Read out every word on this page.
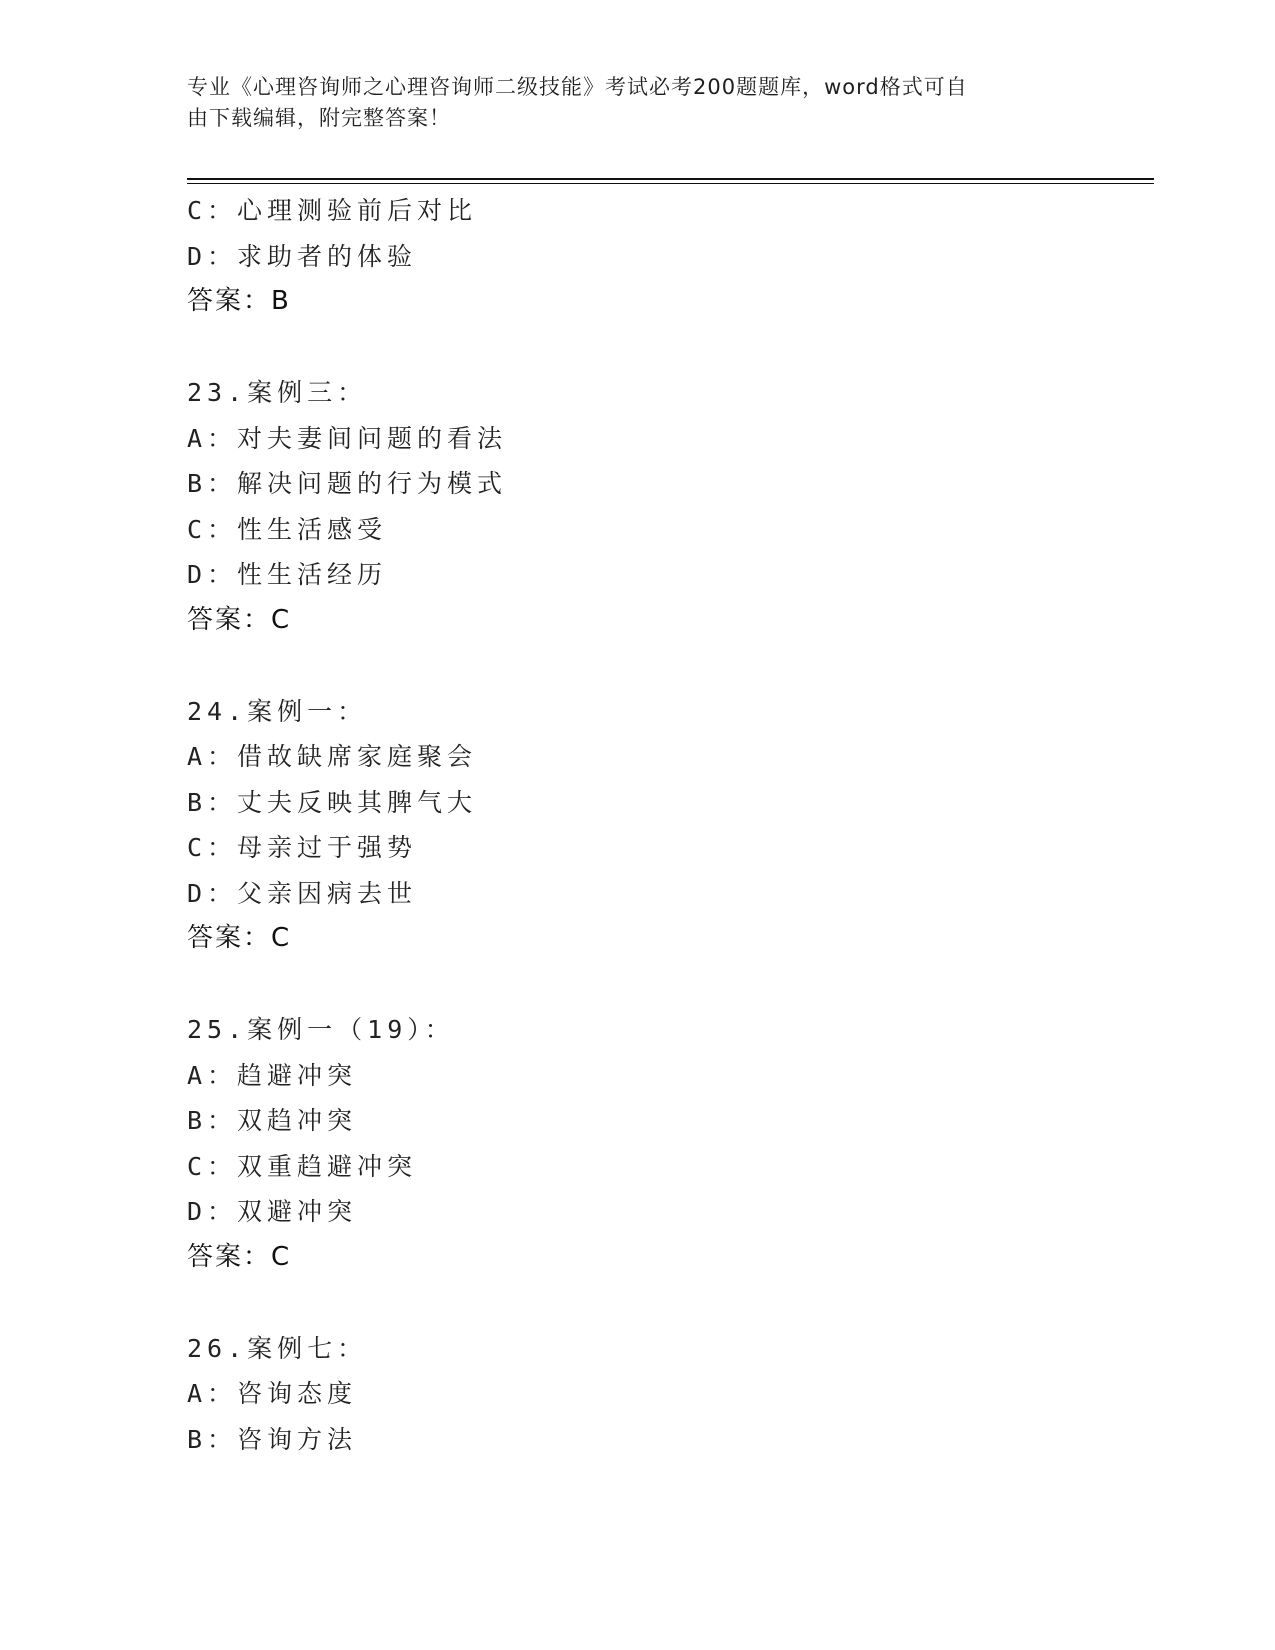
专业《心理咨询师之心理咨询师二级技能》考试必考200题题库，word格式可自
由下载编辑，附完整答案！
C：心理测验前后对比
D：求助者的体验
答案：B
23.案例三：
A：对夫妻间问题的看法
B：解决问题的行为模式
C：性生活感受
D：性生活经历
答案：C
24.案例一：
A：借故缺席家庭聚会
B：丈夫反映其脾气大
C：母亲过于强势
D：父亲因病去世
答案：C
25.案例一（19）：
A：趋避冲突
B：双趋冲突
C：双重趋避冲突
D：双避冲突
答案：C
26.案例七：
A：咨询态度
B：咨询方法
